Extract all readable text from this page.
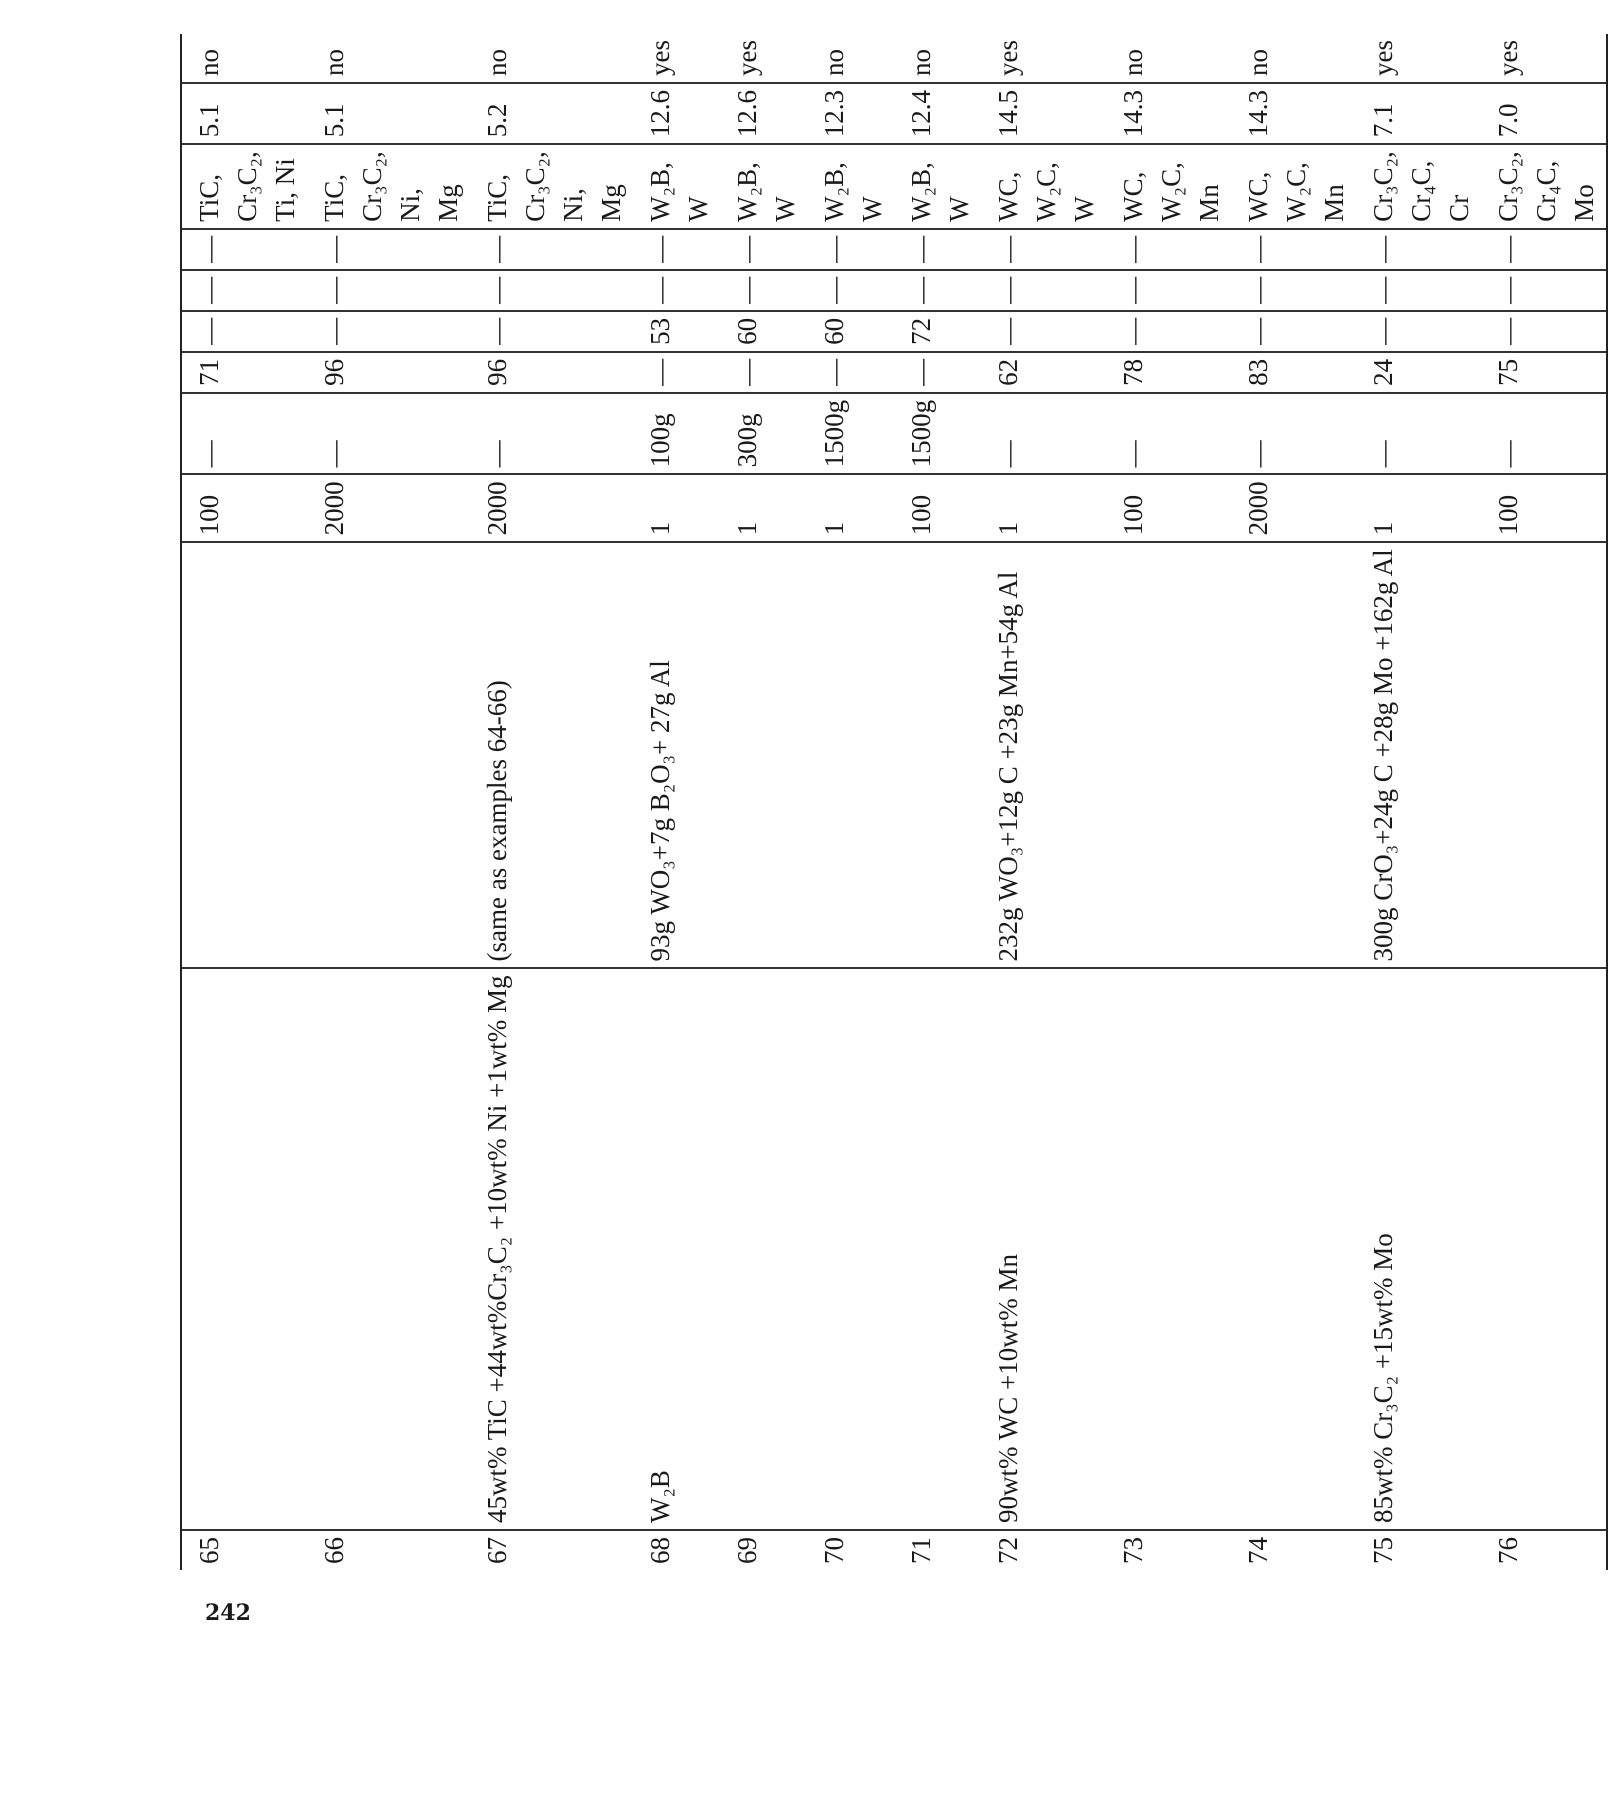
242
65			100	—	71	—	—	—	TiC, Cr₃C₂, Ti, Ni	5.1	no
66			2000	—	96	—	—	—	TiC, Cr₃C₂, Ni, Mg	5.1	no
67	45wt% TiC +44wt%Cr₃C₂ +10wt% Ni +1wt% Mg	(same as examples 64-66)	2000	—	96	—	—	—	TiC, Cr₃C₂, Ni, Mg	5.2	no
68	W₂B	93g WO₃+7g B₂O₃+ 27g Al	1	100g	—	53	—	—	W₂B, W	12.6	yes
69			1	300g	—	60	—	—	W₂B, W	12.6	yes
70			1	1500g	—	60	—	—	W₂B, W	12.3	no
71			100	1500g	—	72	—	—	W₂B, W	12.4	no
72	90wt% WC +10wt% Mn	232g WO₃+12g C +23g Mn+54g Al	1	—	62	—	—	—	WC, W₂C, W	14.5	yes
73			100	—	78	—	—	—	WC, W₂C, Mn	14.3	no
74			2000	—	83	—	—	—	WC, W₂C, Mn	14.3	no
75	85wt% Cr₃C₂ +15wt% Mo	300g CrO₃+24g C +28g Mo +162g Al	1	—	24	—	—	—	Cr₃C₂, Cr₄C, Cr	7.1	yes
76			100	—	75	—	—	—	Cr₃C₂, Cr₄C, Mo	7.0	yes
